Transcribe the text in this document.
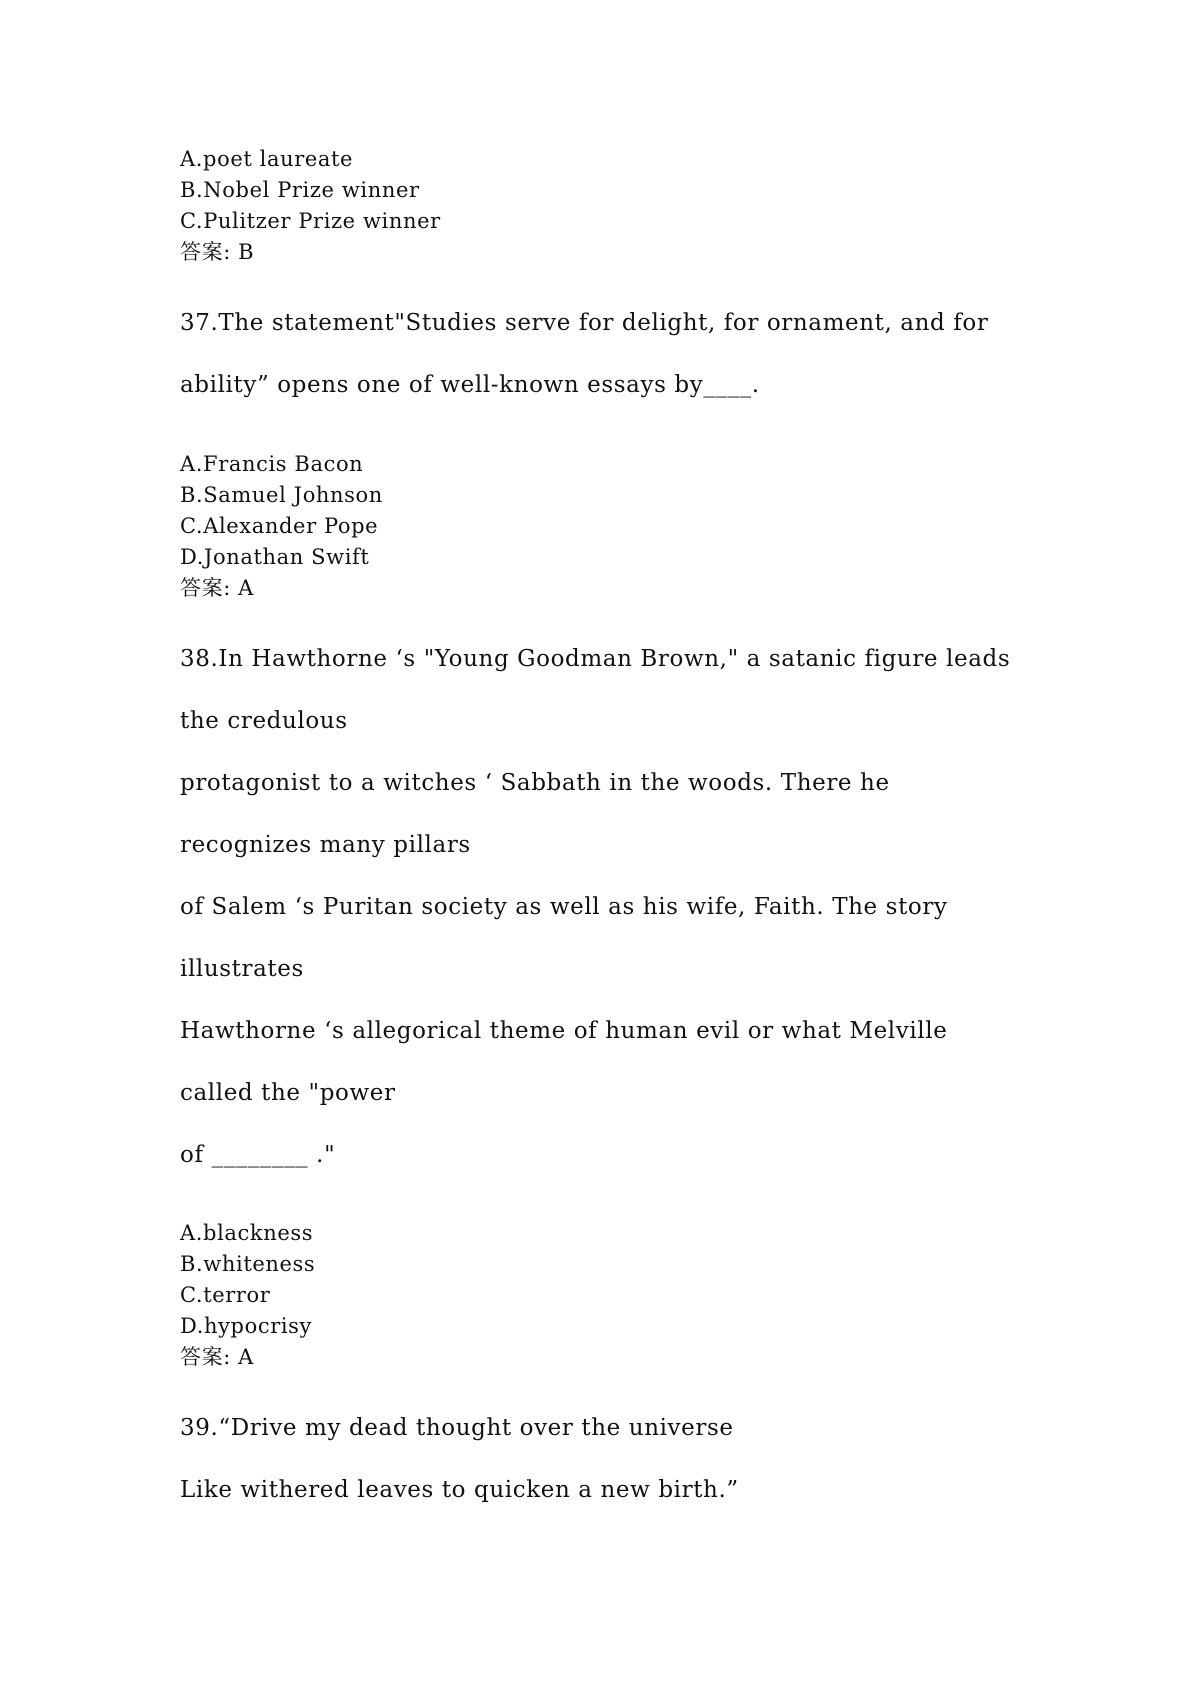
A.poet laureate
B.Nobel Prize winner
C.Pulitzer Prize winner
答案: B
37.The statement"Studies serve for delight, for ornament, and for
ability” opens one of well-known essays by____.
A.Francis Bacon
B.Samuel Johnson
C.Alexander Pope
D.Jonathan Swift
答案: A
38.In Hawthorne ‘s "Young Goodman Brown," a satanic figure leads
the credulous
protagonist to a witches ‘ Sabbath in the woods. There he
recognizes many pillars
of Salem ‘s Puritan society as well as his wife, Faith. The story
illustrates
Hawthorne ‘s allegorical theme of human evil or what Melville
called the "power
of ________ ."
A.blackness
B.whiteness
C.terror
D.hypocrisy
答案: A
39.“Drive my dead thought over the universe
Like withered leaves to quicken a new birth.”
